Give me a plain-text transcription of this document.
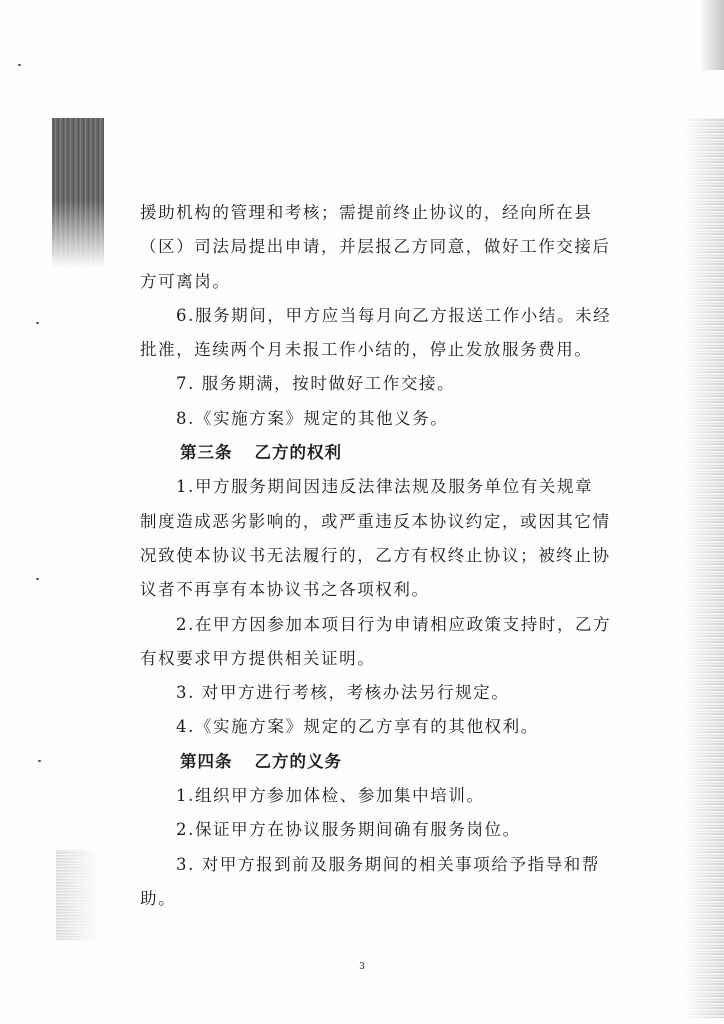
援助机构的管理和考核；需提前终止协议的，经向所在县
（区）司法局提出申请，并层报乙方同意，做好工作交接后
方可离岗。
6.服务期间，甲方应当每月向乙方报送工作小结。未经
批准，连续两个月未报工作小结的，停止发放服务费用。
7. 服务期满，按时做好工作交接。
8.《实施方案》规定的其他义务。
第三条 乙方的权利
1.甲方服务期间因违反法律法规及服务单位有关规章
制度造成恶劣影响的，或严重违反本协议约定，或因其它情
况致使本协议书无法履行的，乙方有权终止协议；被终止协
议者不再享有本协议书之各项权利。
2.在甲方因参加本项目行为申请相应政策支持时，乙方
有权要求甲方提供相关证明。
3. 对甲方进行考核，考核办法另行规定。
4.《实施方案》规定的乙方享有的其他权利。
第四条 乙方的义务
1.组织甲方参加体检、参加集中培训。
2.保证甲方在协议服务期间确有服务岗位。
3. 对甲方报到前及服务期间的相关事项给予指导和帮
助。
3
